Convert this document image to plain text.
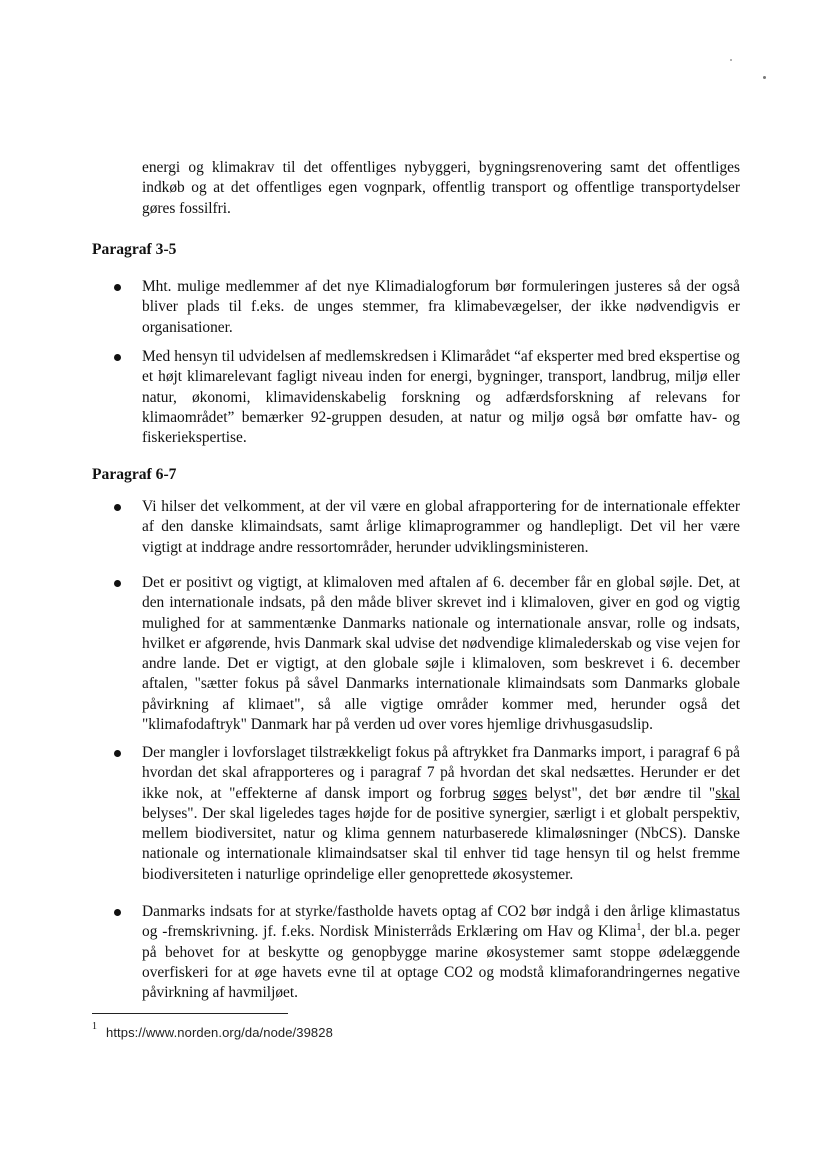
energi og klimakrav til det offentliges nybyggeri, bygningsrenovering samt det offentliges indkøb og at det offentliges egen vognpark, offentlig transport og offentlige transportydelser gøres fossilfri.

Paragraf 3-5

Mht. mulige medlemmer af det nye Klimadialogforum bør formuleringen justeres så der også bliver plads til f.eks. de unges stemmer, fra klimabevægelser, der ikke nødvendigvis er organisationer.

Med hensyn til udvidelsen af medlemskredsen i Klimarådet “af eksperter med bred ekspertise og et højt klimarelevant fagligt niveau inden for energi, bygninger, transport, landbrug, miljø eller natur, økonomi, klimavidenskabelig forskning og adfærdsforskning af relevans for klimaområdet” bemærker 92-gruppen desuden, at natur og miljø også bør omfatte hav- og fiskeriekspertise.

Paragraf 6-7

Vi hilser det velkomment, at der vil være en global afrapportering for de internationale effekter af den danske klimaindsats, samt årlige klimaprogrammer og handlepligt. Det vil her være vigtigt at inddrage andre ressortområder, herunder udviklingsministeren.

Det er positivt og vigtigt, at klimaloven med aftalen af 6. december får en global søjle. Det, at den internationale indsats, på den måde bliver skrevet ind i klimaloven, giver en god og vigtig mulighed for at sammentænke Danmarks nationale og internationale ansvar, rolle og indsats, hvilket er afgørende, hvis Danmark skal udvise det nødvendige klimalederskab og vise vejen for andre lande. Det er vigtigt, at den globale søjle i klimaloven, som beskrevet i 6. december aftalen, "sætter fokus på såvel Danmarks internationale klimaindsats som Danmarks globale påvirkning af klimaet", så alle vigtige områder kommer med, herunder også det "klimafodaftryk" Danmark har på verden ud over vores hjemlige drivhusgasudslip.

Der mangler i lovforslaget tilstrækkeligt fokus på aftrykket fra Danmarks import, i paragraf 6 på hvordan det skal afrapporteres og i paragraf 7 på hvordan det skal nedsættes. Herunder er det ikke nok, at "effekterne af dansk import og forbrug søges belyst", det bør ændre til "skal belyses". Der skal ligeledes tages højde for de positive synergier, særligt i et globalt perspektiv, mellem biodiversitet, natur og klima gennem naturbaserede klimaløsninger (NbCS). Danske nationale og internationale klimaindsatser skal til enhver tid tage hensyn til og helst fremme biodiversiteten i naturlige oprindelige eller genoprettede økosystemer.

Danmarks indsats for at styrke/fastholde havets optag af CO2 bør indgå i den årlige klimastatus og -fremskrivning. jf. f.eks. Nordisk Ministerråds Erklæring om Hav og Klima$^1$, der bl.a. peger på behovet for at beskytte og genopbygge marine økosystemer samt stoppe ødelæggende overfiskeri for at øge havets evne til at optage CO2 og modstå klimaforandringernes negative påvirkning af havmiljøet.

1 https://www.norden.org/da/node/39828
